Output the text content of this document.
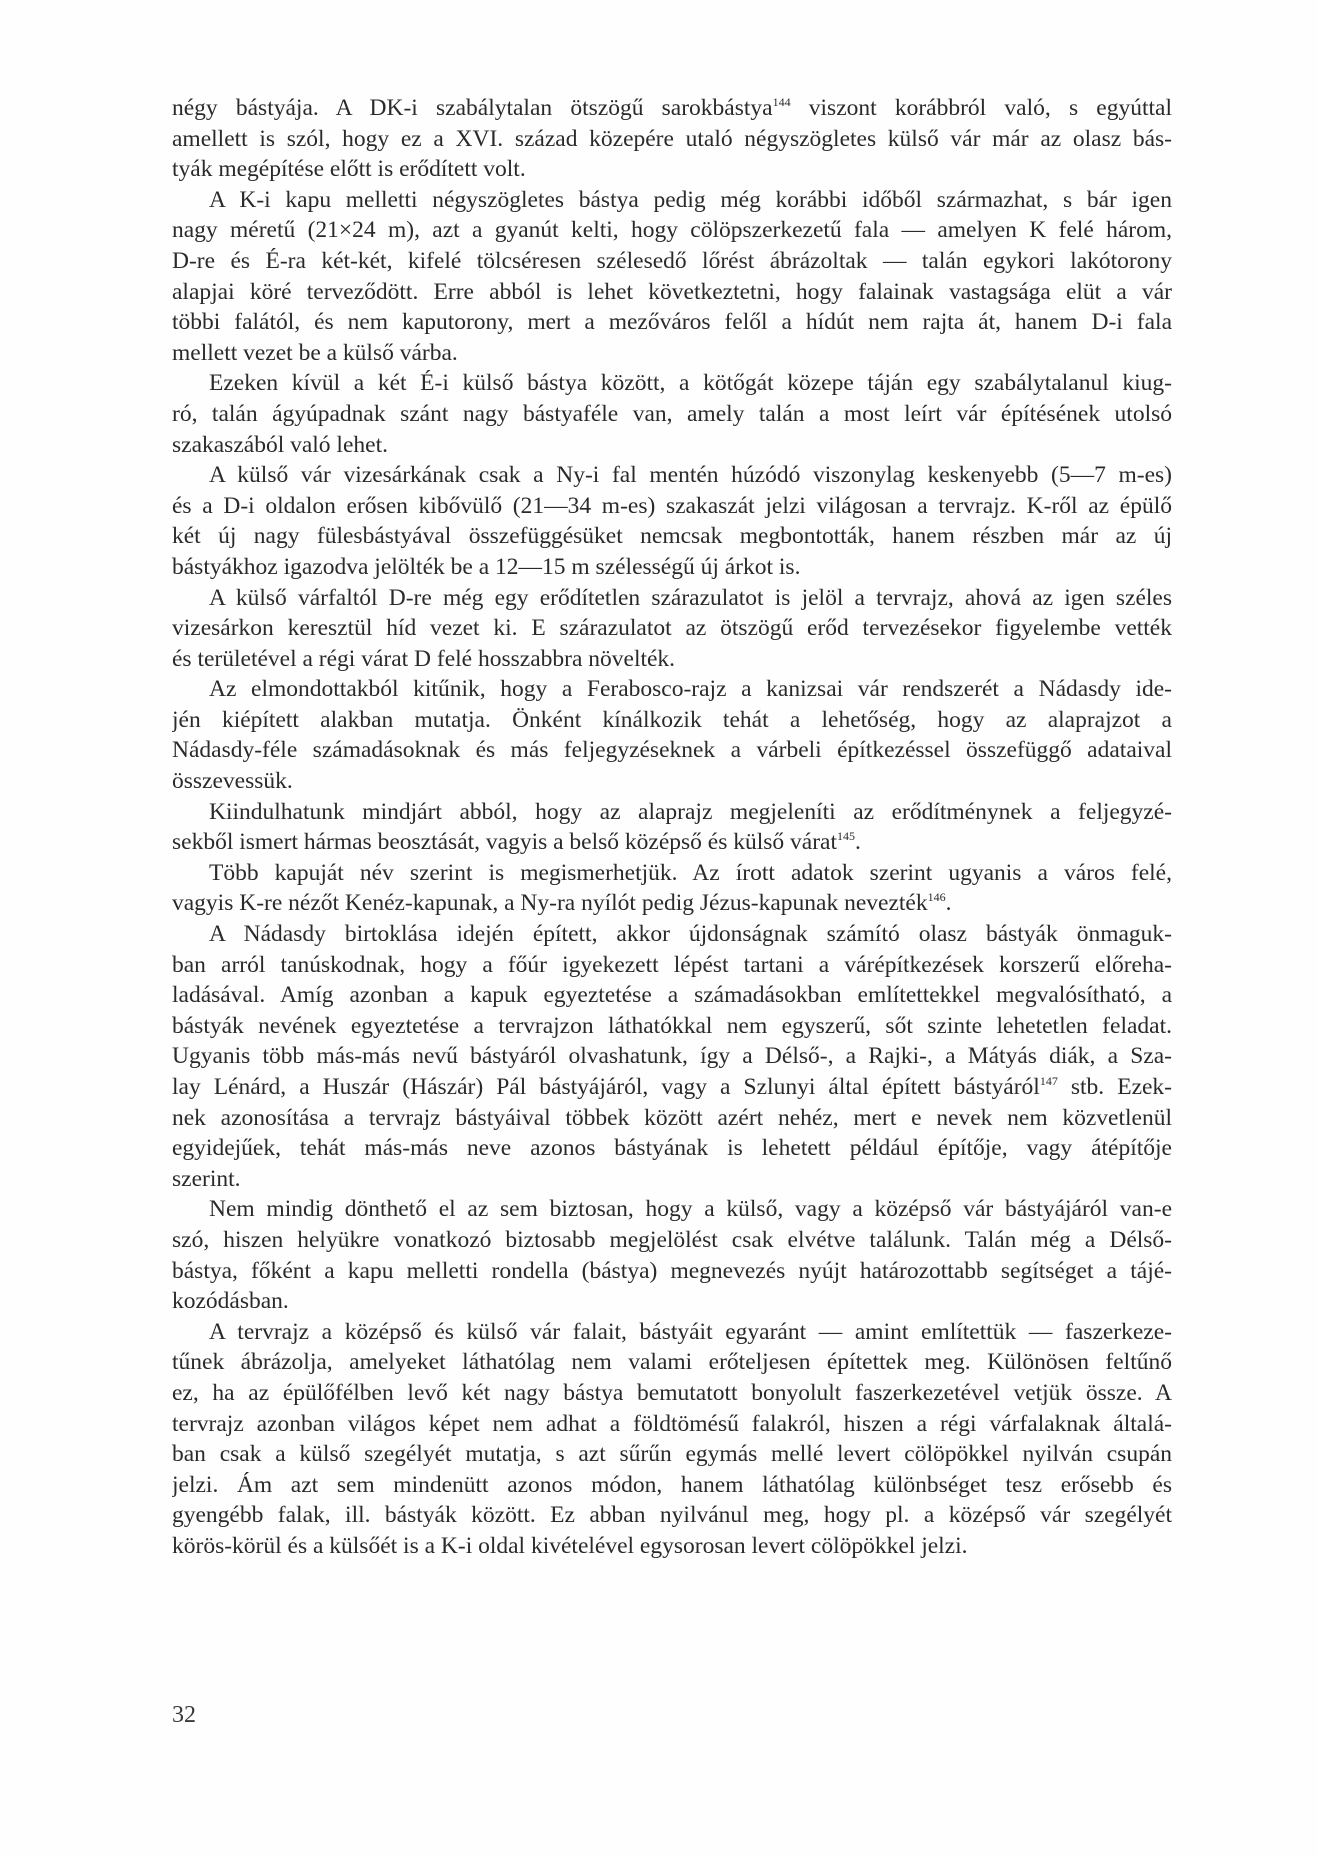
négy bástyája. A DK-i szabálytalan ötszögű sarokbástya$^{144}$ viszont korábbról való, s egyúttal
amellett is szól, hogy ez a XVI. század közepére utaló négyszögletes külső vár már az olasz bás-
tyák megépítése előtt is erődített volt.
A K-i kapu melletti négyszögletes bástya pedig még korábbi időből származhat, s bár igen
nagy méretű (21×24 m), azt a gyanút kelti, hogy cölöpszerkezetű fala — amelyen K felé három,
D-re és É-ra két-két, kifelé tölcséresen szélesedő lőrést ábrázoltak — talán egykori lakótorony
alapjai köré terveződött. Erre abból is lehet következtetni, hogy falainak vastagsága elüt a vár
többi falától, és nem kaputorony, mert a mezőváros felől a hídút nem rajta át, hanem D-i fala
mellett vezet be a külső várba.
Ezeken kívül a két É-i külső bástya között, a kötőgát közepe táján egy szabálytalanul kiug-
ró, talán ágyúpadnak szánt nagy bástyaféle van, amely talán a most leírt vár építésének utolsó
szakaszából való lehet.
A külső vár vizesárkának csak a Ny-i fal mentén húzódó viszonylag keskenyebb (5—7 m-es)
és a D-i oldalon erősen kibővülő (21—34 m-es) szakaszát jelzi világosan a tervrajz. K-ről az épülő
két új nagy fülesbástyával összefüggésüket nemcsak megbontották, hanem részben már az új
bástyákhoz igazodva jelölték be a 12—15 m szélességű új árkot is.
A külső várfaltól D-re még egy erődítetlen szárazulatot is jelöl a tervrajz, ahová az igen széles
vizesárkon keresztül híd vezet ki. E szárazulatot az ötszögű erőd tervezésekor figyelembe vették
és területével a régi várat D felé hosszabbra növelték.
Az elmondottakból kitűnik, hogy a Ferabosco-rajz a kanizsai vár rendszerét a Nádasdy ide-
jén kiépített alakban mutatja. Önként kínálkozik tehát a lehetőség, hogy az alaprajzot a
Nádasdy-féle számadásoknak és más feljegyzéseknek a várbeli építkezéssel összefüggő adataival
összevessük.
Kiindulhatunk mindjárt abból, hogy az alaprajz megjeleníti az erődítménynek a feljegyzé-
sekből ismert hármas beosztását, vagyis a belső középső és külső várat$^{145}$.
Több kapuját név szerint is megismerhetjük. Az írott adatok szerint ugyanis a város felé,
vagyis K-re nézőt Kenéz-kapunak, a Ny-ra nyílót pedig Jézus-kapunak nevezték$^{146}$.
A Nádasdy birtoklása idején épített, akkor újdonságnak számító olasz bástyák önmaguk-
ban arról tanúskodnak, hogy a főúr igyekezett lépést tartani a várépítkezések korszerű előreha-
ladásával. Amíg azonban a kapuk egyeztetése a számadásokban említettekkel megvalósítható, a
bástyák nevének egyeztetése a tervrajzon láthatókkal nem egyszerű, sőt szinte lehetetlen feladat.
Ugyanis több más-más nevű bástyáról olvashatunk, így a Délső-, a Rajki-, a Mátyás diák, a Sza-
lay Lénárd, a Huszár (Hászár) Pál bástyájáról, vagy a Szlunyi által épített bástyáról$^{147}$ stb. Ezek-
nek azonosítása a tervrajz bástyáival többek között azért nehéz, mert e nevek nem közvetlenül
egyidejűek, tehát más-más neve azonos bástyának is lehetett például építője, vagy átépítője
szerint.
Nem mindig dönthető el az sem biztosan, hogy a külső, vagy a középső vár bástyájáról van-e
szó, hiszen helyükre vonatkozó biztosabb megjelölést csak elvétve találunk. Talán még a Délső-
bástya, főként a kapu melletti rondella (bástya) megnevezés nyújt határozottabb segítséget a tájé-
kozódásban.
A tervrajz a középső és külső vár falait, bástyáit egyaránt — amint említettük — faszerkeze-
tűnek ábrázolja, amelyeket láthatólag nem valami erőteljesen építettek meg. Különösen feltűnő
ez, ha az épülőfélben levő két nagy bástya bemutatott bonyolult faszerkezetével vetjük össze. A
tervrajz azonban világos képet nem adhat a földtömésű falakról, hiszen a régi várfalaknak általá-
ban csak a külső szegélyét mutatja, s azt sűrűn egymás mellé levert cölöpökkel nyilván csupán
jelzi. Ám azt sem mindenütt azonos módon, hanem láthatólag különbséget tesz erősebb és
gyengébb falak, ill. bástyák között. Ez abban nyilvánul meg, hogy pl. a középső vár szegélyét
körös-körül és a külsőét is a K-i oldal kivételével egysorosan levert cölöpökkel jelzi.
32
